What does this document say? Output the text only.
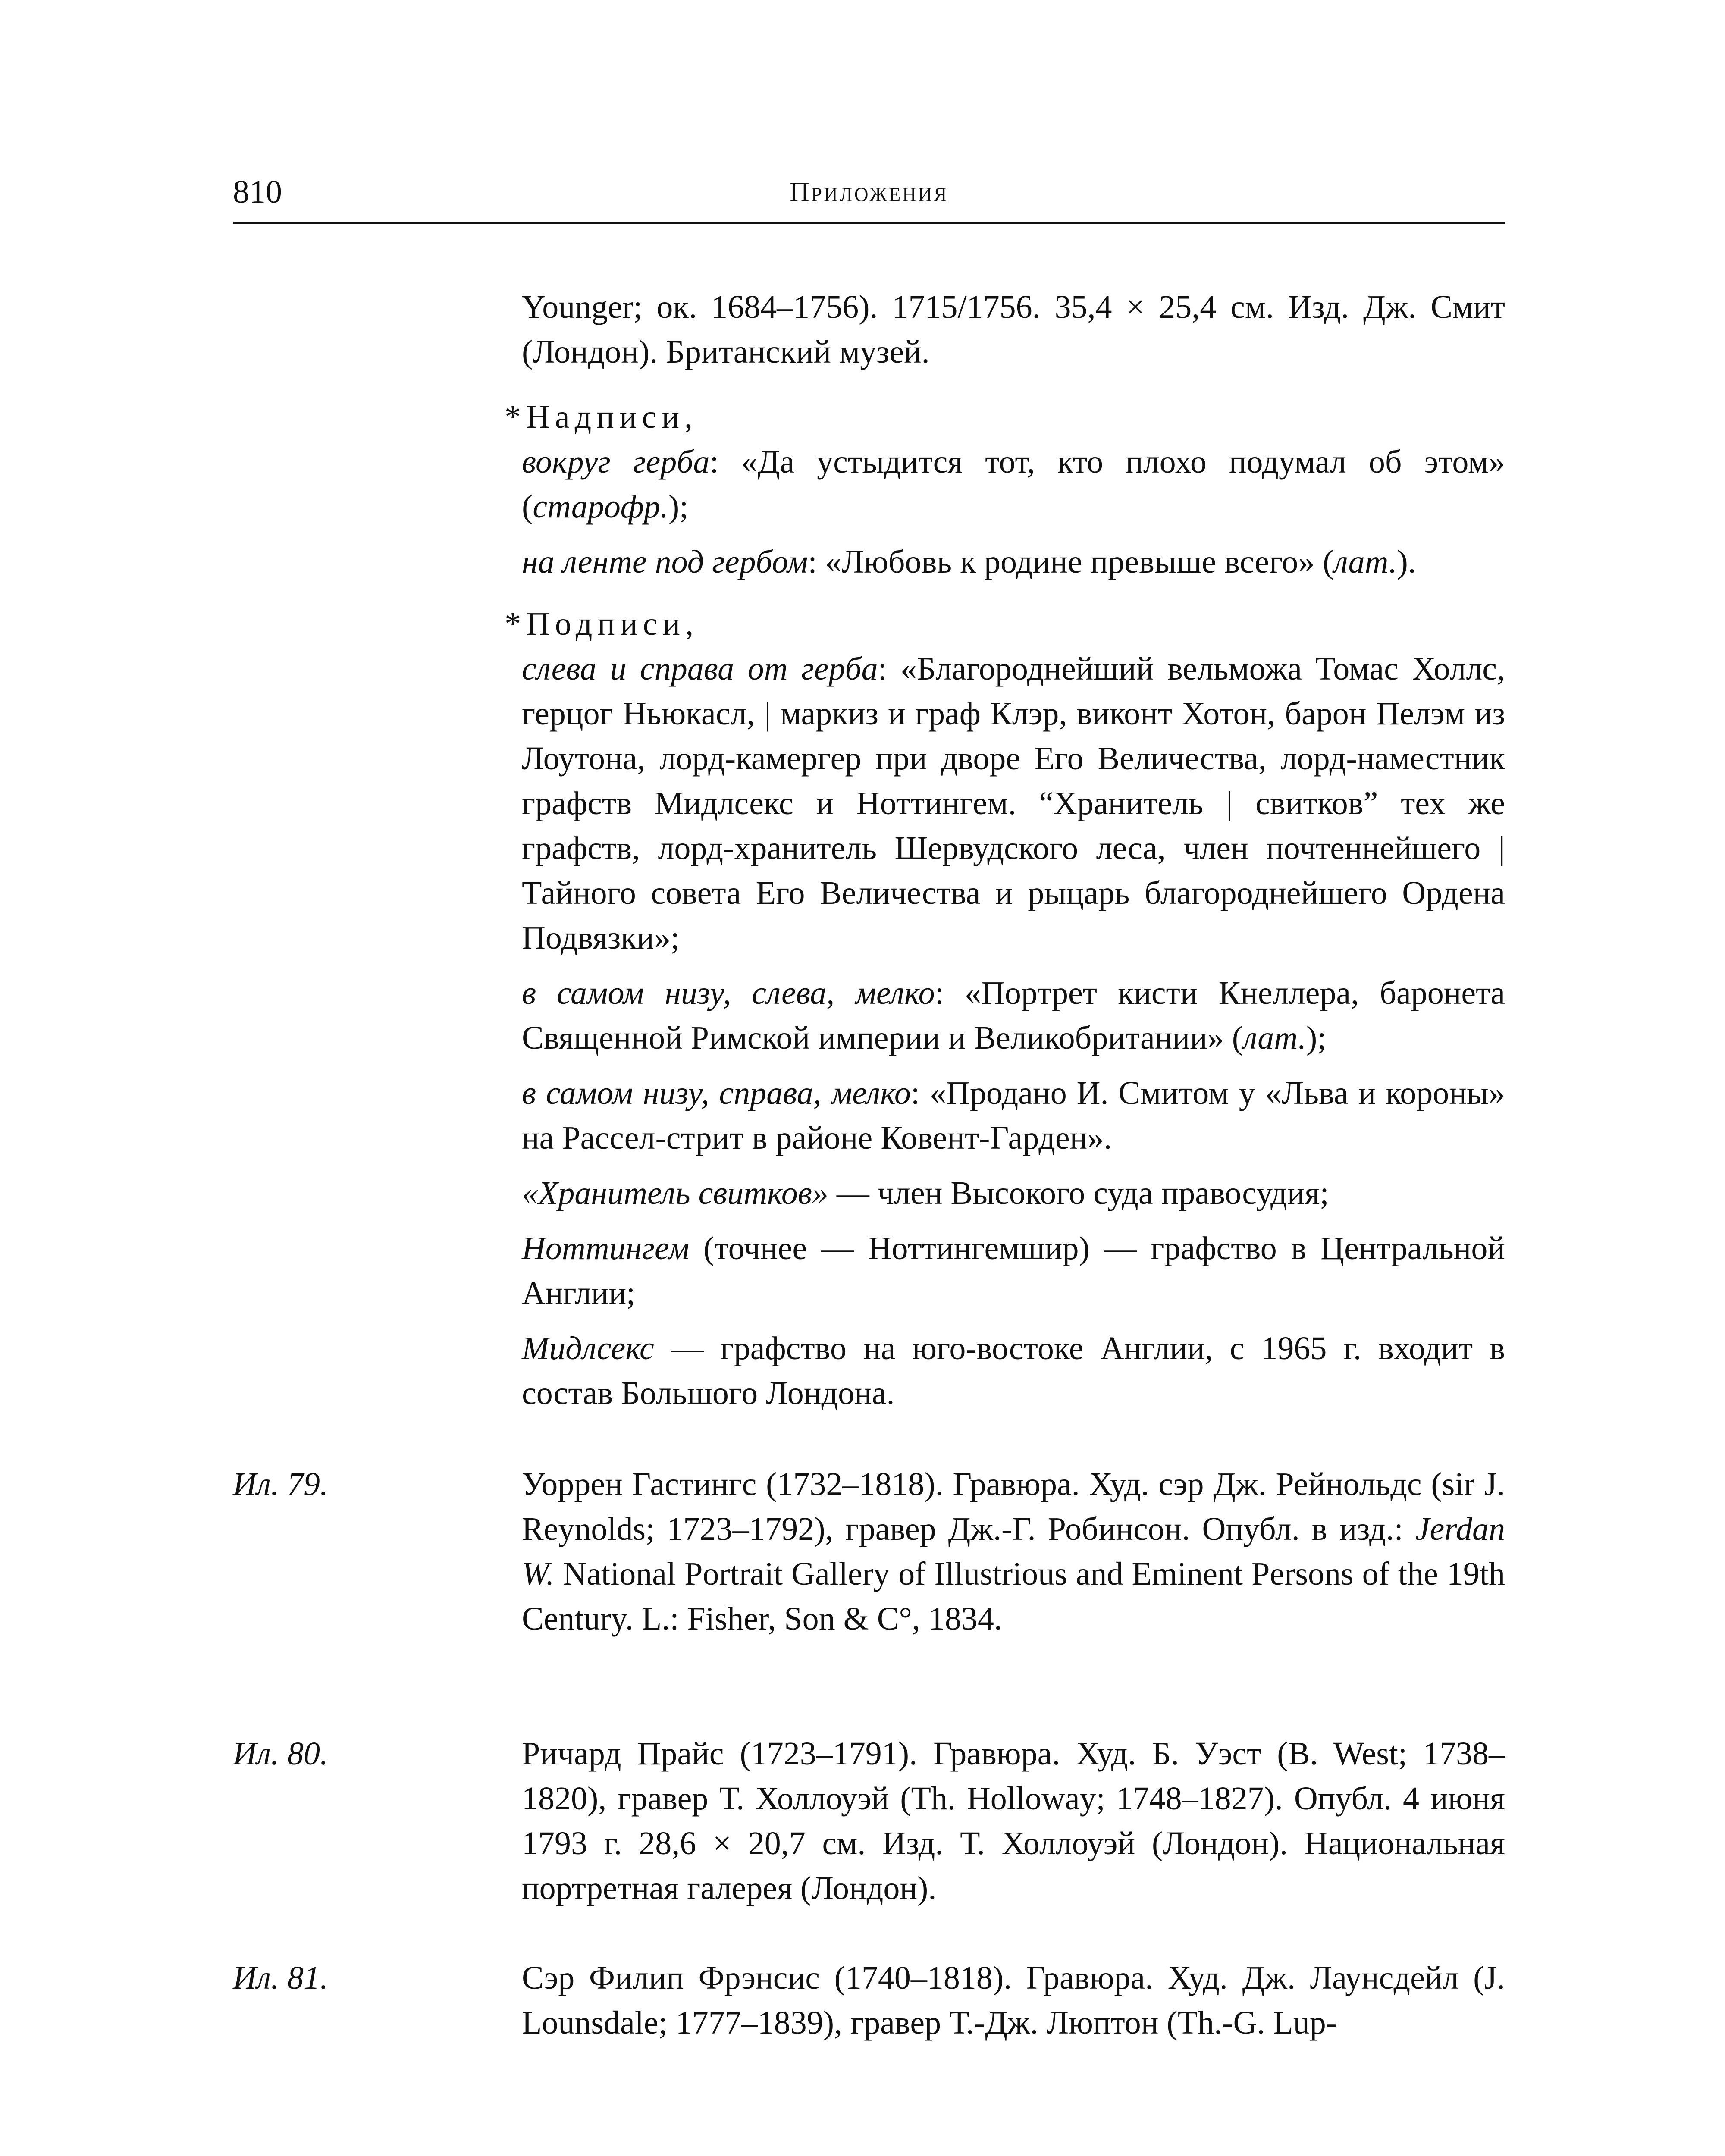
810	Приложения

Younger; ок. 1684–1756). 1715/1756. 35,4 × 25,4 см. Изд. Дж. Смит (Лондон). Британский музей.

*Надписи,

вокруг герба: «Да устыдится тот, кто плохо подумал об этом» (старофр.);

на ленте под гербом: «Любовь к родине превыше всего» (лат.).

*Подписи,

слева и справа от герба: «Благороднейший вельможа Томас Холлс, герцог Ньюкасл, | маркиз и граф Клэр, виконт Хотон, барон Пелэм из Лоутона, лорд-камергер при дворе Его Величества, лорд-наместник графств Мидлсекс и Ноттингем. “Хранитель | свитков” тех же графств, лорд-хранитель Шервудского леса, член почтеннейшего | Тайного совета Его Величества и рыцарь благороднейшего Ордена Подвязки»;

в самом низу, слева, мелко: «Портрет кисти Кнеллера, баронета Священной Римской империи и Великобритании» (лат.);

в самом низу, справа, мелко: «Продано И. Смитом у «Льва и короны» на Рассел-стрит в районе Ковент-Гарден».

«Хранитель свитков» — член Высокого суда правосудия;

Ноттингем (точнее — Ноттингемшир) — графство в Центральной Англии;

Мидлсекс — графство на юго-востоке Англии, с 1965 г. входит в состав Большого Лондона.

Ил. 79.	Уоррен Гастингс (1732–1818). Гравюра. Худ. сэр Дж. Рейнольдс (sir J. Reynolds; 1723–1792), гравер Дж.-Г. Робинсон. Опубл. в изд.: Jerdan W. National Portrait Gallery of Illustrious and Eminent Persons of the 19th Century. L.: Fisher, Son & C°, 1834.

Ил. 80.	Ричард Прайс (1723–1791). Гравюра. Худ. Б. Уэст (B. West; 1738–1820), гравер Т. Холлоуэй (Th. Holloway; 1748–1827). Опубл. 4 июня 1793 г. 28,6 × 20,7 см. Изд. Т. Холлоуэй (Лондон). Национальная портретная галерея (Лондон).

Ил. 81.	Сэр Филип Фрэнсис (1740–1818). Гравюра. Худ. Дж. Лаунсдейл (J. Lounsdale; 1777–1839), гравер Т.-Дж. Люптон (Th.-G. Lup-
